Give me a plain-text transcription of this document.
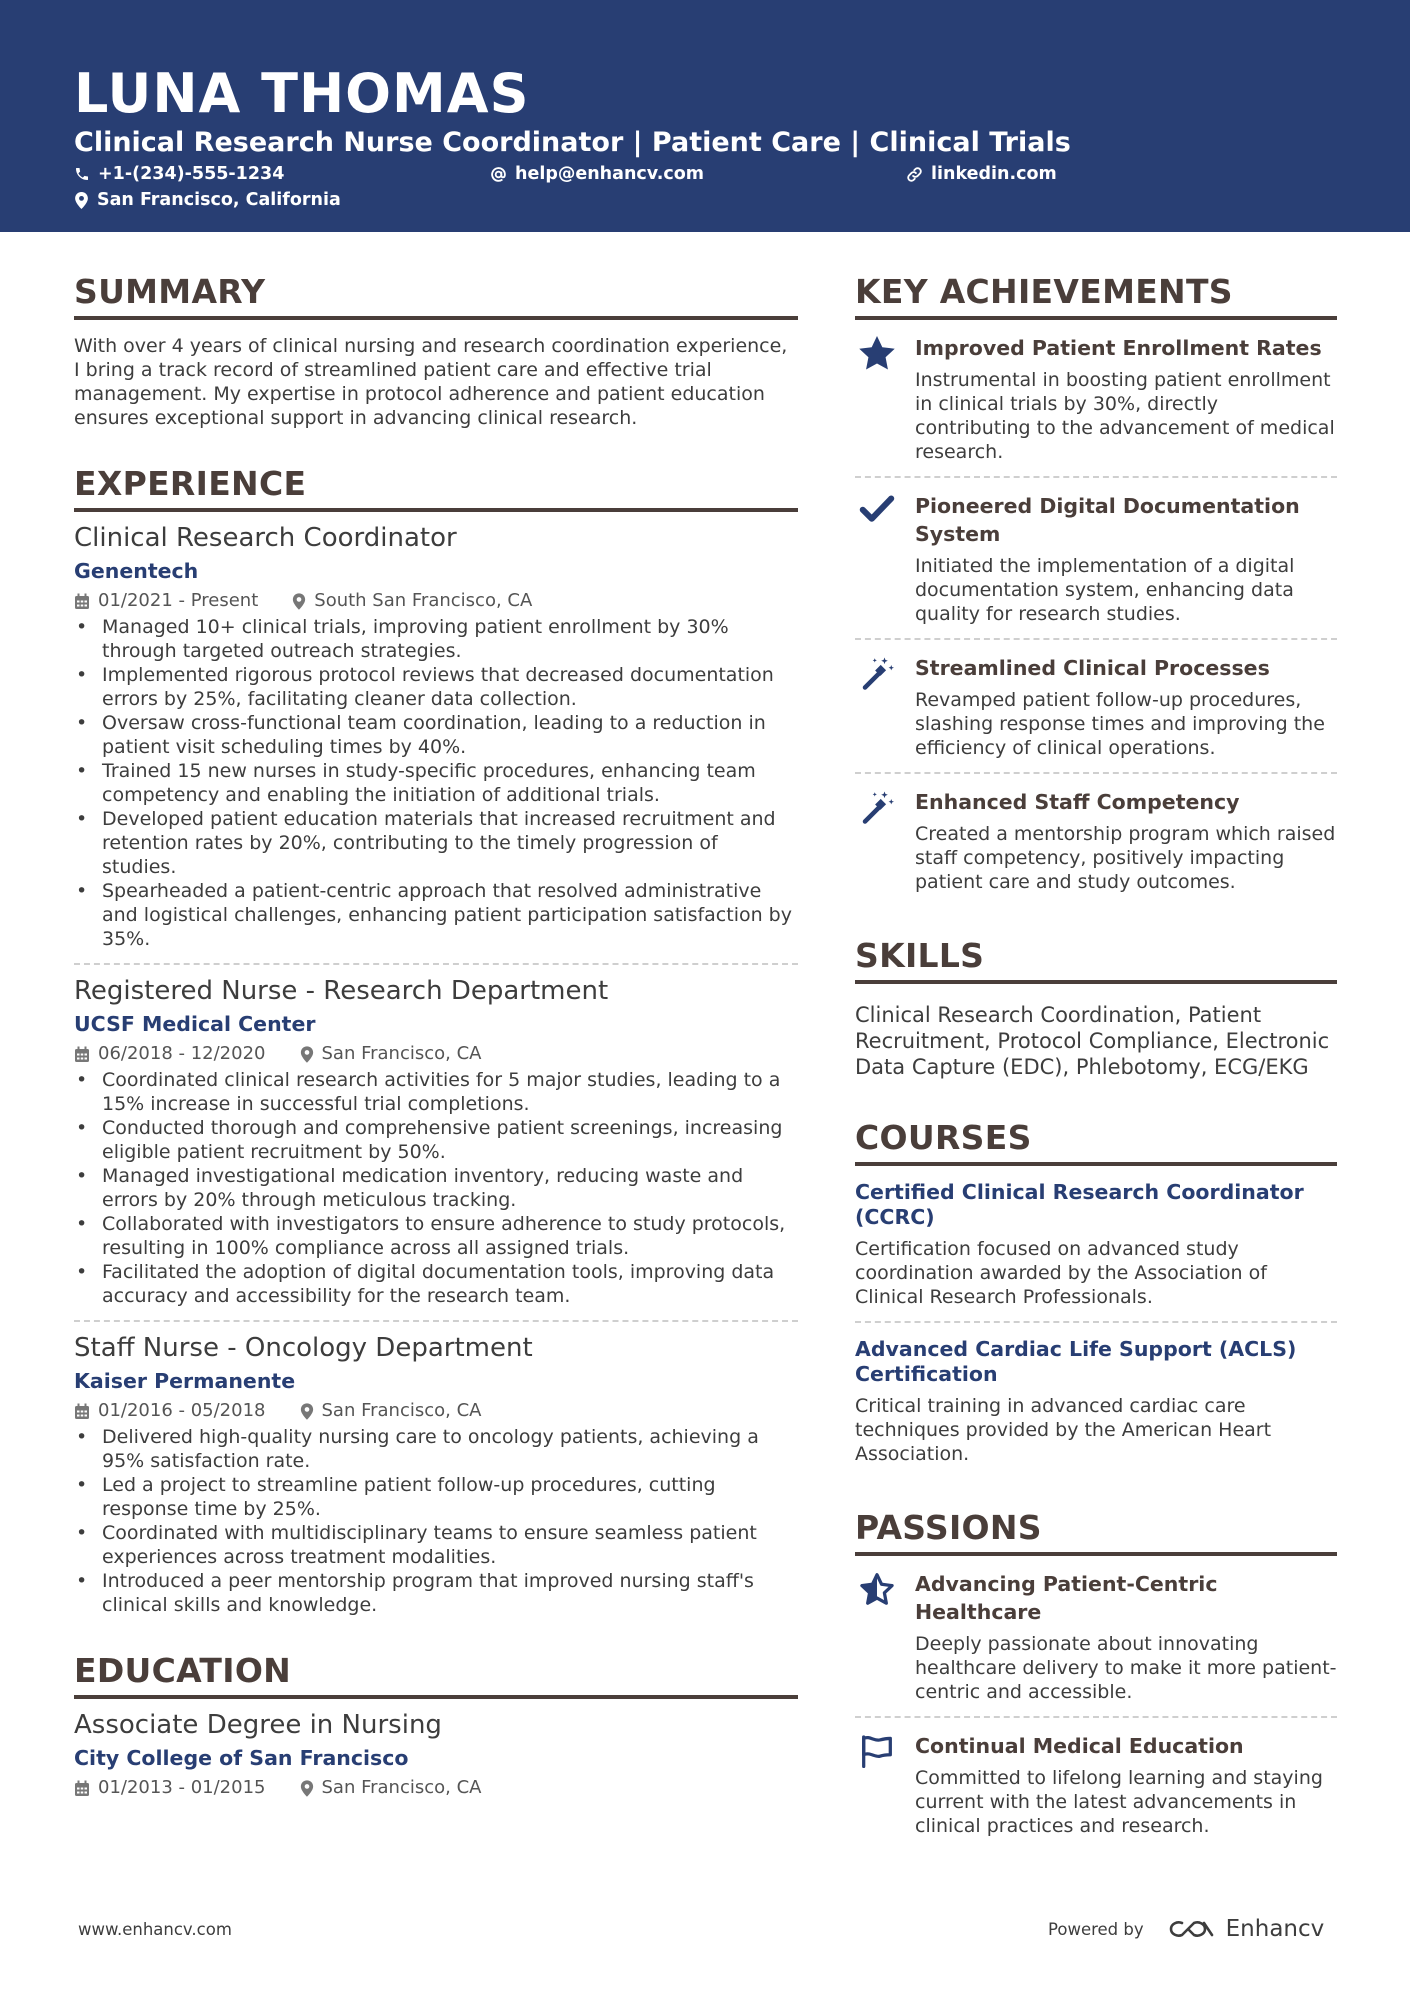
LUNA THOMAS
Clinical Research Nurse Coordinator | Patient Care | Clinical Trials
+1-(234)-555-1234	help@enhancv.com	linkedin.com
San Francisco, California
SUMMARY
With over 4 years of clinical nursing and research coordination experience, I bring a track record of streamlined patient care and effective trial management. My expertise in protocol adherence and patient education ensures exceptional support in advancing clinical research.
EXPERIENCE
Clinical Research Coordinator
Genentech
01/2021 - Present	South San Francisco, CA
• Managed 10+ clinical trials, improving patient enrollment by 30% through targeted outreach strategies.
• Implemented rigorous protocol reviews that decreased documentation errors by 25%, facilitating cleaner data collection.
• Oversaw cross-functional team coordination, leading to a reduction in patient visit scheduling times by 40%.
• Trained 15 new nurses in study-specific procedures, enhancing team competency and enabling the initiation of additional trials.
• Developed patient education materials that increased recruitment and retention rates by 20%, contributing to the timely progression of studies.
• Spearheaded a patient-centric approach that resolved administrative and logistical challenges, enhancing patient participation satisfaction by 35%.
Registered Nurse - Research Department
UCSF Medical Center
06/2018 - 12/2020	San Francisco, CA
• Coordinated clinical research activities for 5 major studies, leading to a 15% increase in successful trial completions.
• Conducted thorough and comprehensive patient screenings, increasing eligible patient recruitment by 50%.
• Managed investigational medication inventory, reducing waste and errors by 20% through meticulous tracking.
• Collaborated with investigators to ensure adherence to study protocols, resulting in 100% compliance across all assigned trials.
• Facilitated the adoption of digital documentation tools, improving data accuracy and accessibility for the research team.
Staff Nurse - Oncology Department
Kaiser Permanente
01/2016 - 05/2018	San Francisco, CA
• Delivered high-quality nursing care to oncology patients, achieving a 95% satisfaction rate.
• Led a project to streamline patient follow-up procedures, cutting response time by 25%.
• Coordinated with multidisciplinary teams to ensure seamless patient experiences across treatment modalities.
• Introduced a peer mentorship program that improved nursing staff's clinical skills and knowledge.
EDUCATION
Associate Degree in Nursing
City College of San Francisco
01/2013 - 01/2015	San Francisco, CA
KEY ACHIEVEMENTS
Improved Patient Enrollment Rates
Instrumental in boosting patient enrollment in clinical trials by 30%, directly contributing to the advancement of medical research.
Pioneered Digital Documentation System
Initiated the implementation of a digital documentation system, enhancing data quality for research studies.
Streamlined Clinical Processes
Revamped patient follow-up procedures, slashing response times and improving the efficiency of clinical operations.
Enhanced Staff Competency
Created a mentorship program which raised staff competency, positively impacting patient care and study outcomes.
SKILLS
Clinical Research Coordination, Patient Recruitment, Protocol Compliance, Electronic Data Capture (EDC), Phlebotomy, ECG/EKG
COURSES
Certified Clinical Research Coordinator (CCRC)
Certification focused on advanced study coordination awarded by the Association of Clinical Research Professionals.
Advanced Cardiac Life Support (ACLS) Certification
Critical training in advanced cardiac care techniques provided by the American Heart Association.
PASSIONS
Advancing Patient-Centric Healthcare
Deeply passionate about innovating healthcare delivery to make it more patient-centric and accessible.
Continual Medical Education
Committed to lifelong learning and staying current with the latest advancements in clinical practices and research.
www.enhancv.com	Powered by	Enhancv
